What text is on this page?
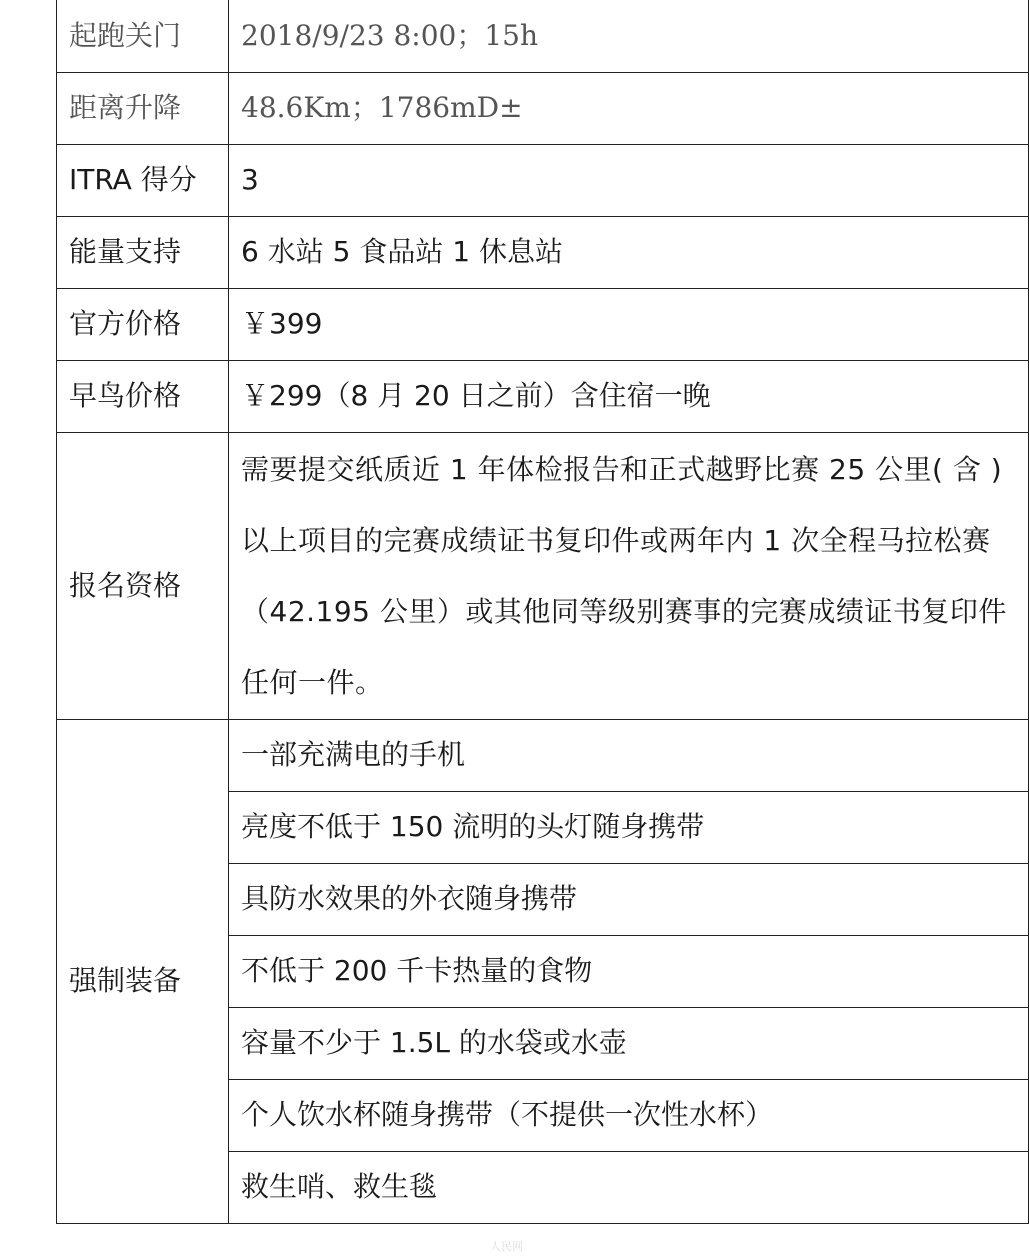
起跑关门	2018/9/23 8:00；15h
距离升降	48.6Km；1786mD±
ITRA 得分	3
能量支持	6 水站 5 食品站 1 休息站
官方价格	￥399
早鸟价格	￥299（8 月 20 日之前）含住宿一晚
报名资格	需要提交纸质近 1 年体检报告和正式越野比赛 25 公里( 含 )以上项目的完赛成绩证书复印件或两年内 1 次全程马拉松赛（42.195 公里）或其他同等级别赛事的完赛成绩证书复印件任何一件。

强制装备	一部充满电的手机
	亮度不低于 150 流明的头灯随身携带
	具防水效果的外衣随身携带
	不低于 200 千卡热量的食物
	容量不少于 1.5L 的水袋或水壶
	个人饮水杯随身携带（不提供一次性水杯）
	救生哨、救生毯
人民网
